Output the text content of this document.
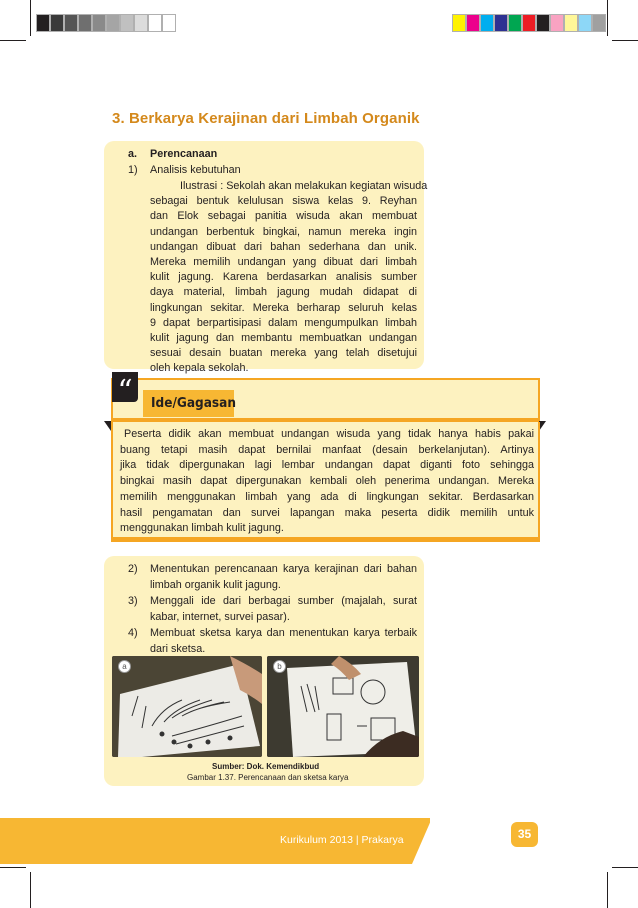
3. Berkarya Kerajinan dari Limbah Organik
a. Perencanaan
1) Analisis kebutuhan
Ilustrasi : Sekolah akan melakukan kegiatan wisuda
sebagai bentuk kelulusan siswa kelas 9. Reyhan
dan Elok sebagai panitia wisuda akan membuat
undangan berbentuk bingkai, namun mereka ingin
undangan dibuat dari bahan sederhana dan unik.
Mereka memilih undangan yang dibuat dari limbah
kulit jagung. Karena berdasarkan analisis sumber
daya material, limbah jagung mudah didapat di
lingkungan sekitar. Mereka berharap seluruh kelas
9 dapat berpartisipasi dalam mengumpulkan limbah
kulit jagung dan membantu membuatkan undangan
sesuai desain buatan mereka yang telah disetujui
oleh kepala sekolah.
“	Ide/Gagasan
Peserta didik akan membuat undangan wisuda yang tidak hanya habis pakai
buang tetapi masih dapat bernilai manfaat (desain berkelanjutan). Artinya
jika tidak dipergunakan lagi lembar undangan dapat diganti foto sehingga
bingkai masih dapat dipergunakan kembali oleh penerima undangan. Mereka
memilih menggunakan limbah yang ada di lingkungan sekitar. Berdasarkan
hasil pengamatan dan survei lapangan maka peserta didik memilih untuk
menggunakan limbah kulit jagung.
2) Menentukan perencanaan karya kerajinan dari bahan
limbah organik kulit jagung.
3) Menggali ide dari berbagai sumber (majalah, surat
kabar, internet, survei pasar).
4) Membuat sketsa karya dan menentukan karya terbaik
dari sketsa.
a	b
Sumber: Dok. Kemendikbud
Gambar 1.37. Perencanaan dan sketsa karya
Kurikulum 2013 | Prakarya	35
